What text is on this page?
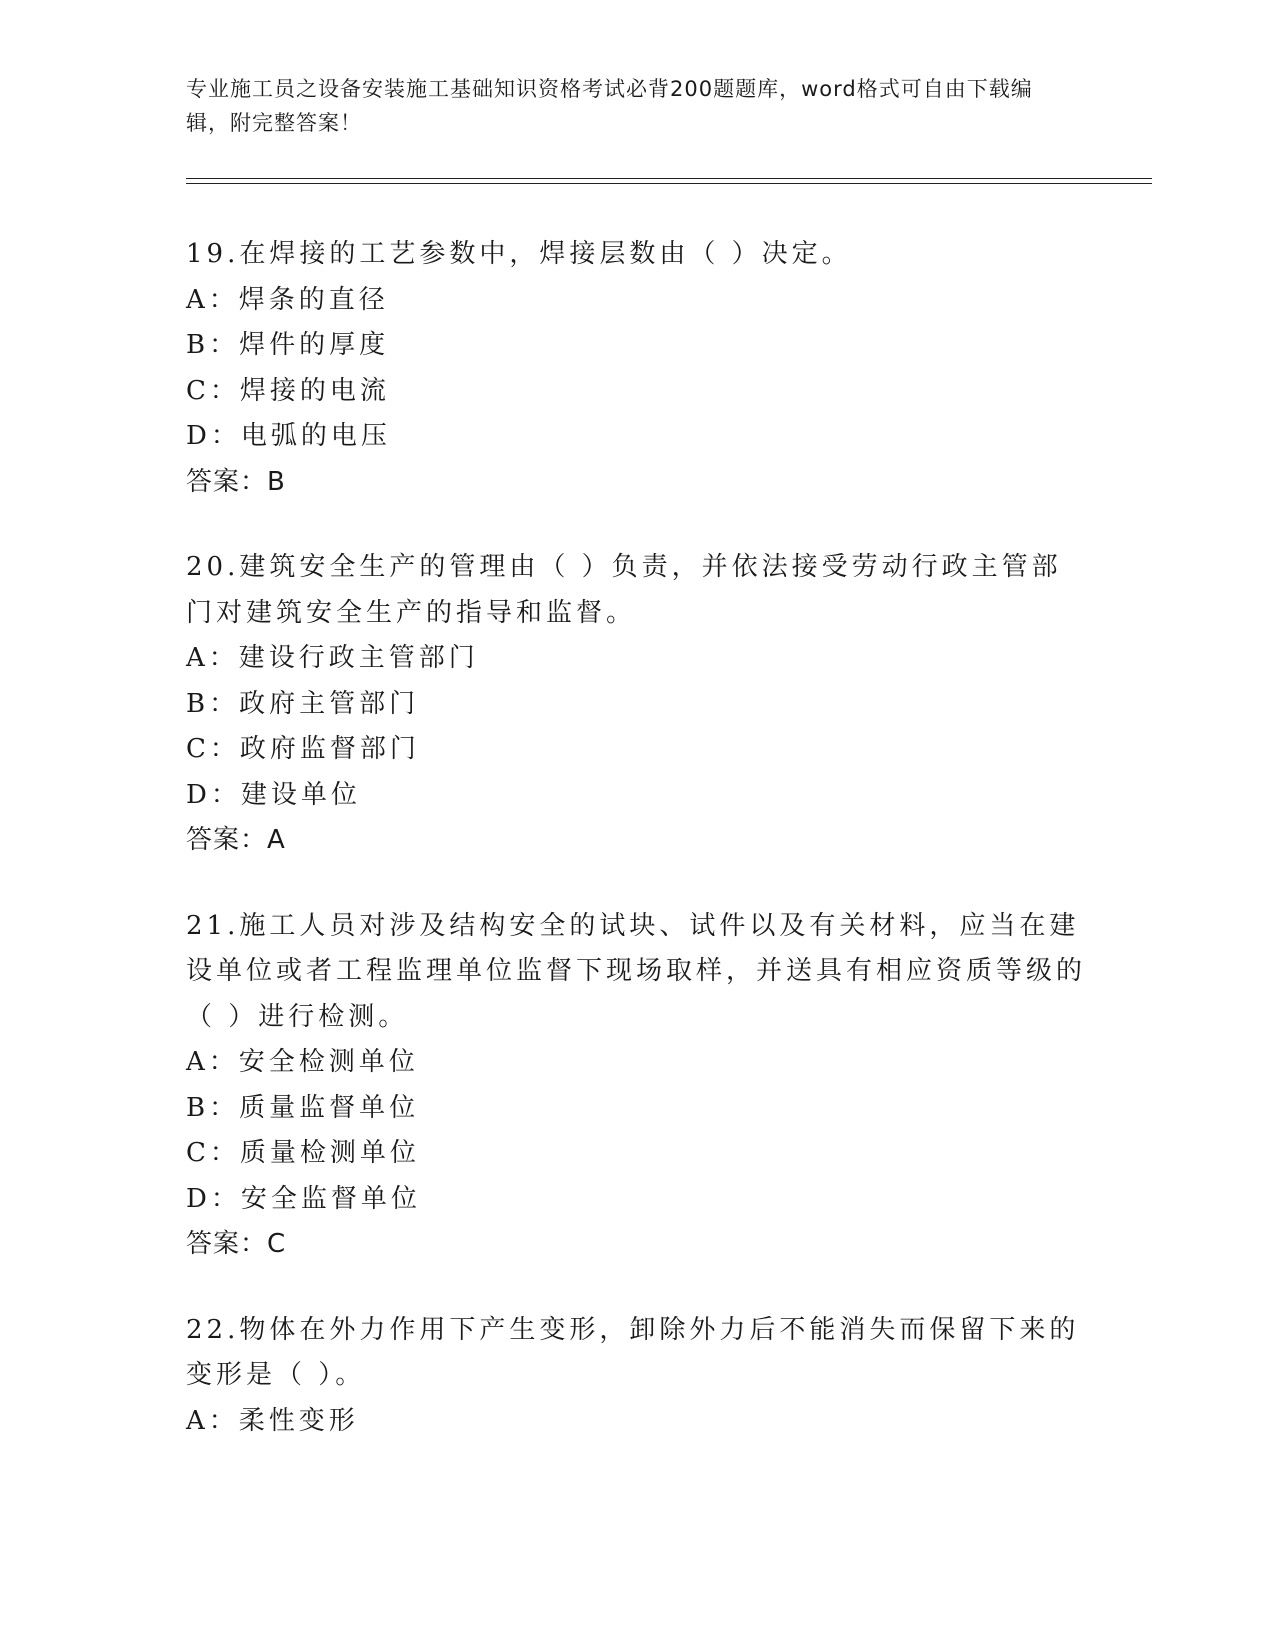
专业施工员之设备安装施工基础知识资格考试必背200题题库，word格式可自由下载编辑，附完整答案！

19.在焊接的工艺参数中，焊接层数由（ ）决定。

A：焊条的直径

B：焊件的厚度

C：焊接的电流

D：电弧的电压

答案：B

20.建筑安全生产的管理由（ ）负责，并依法接受劳动行政主管部门对建筑安全生产的指导和监督。

A：建设行政主管部门

B：政府主管部门

C：政府监督部门

D：建设单位

答案：A

21.施工人员对涉及结构安全的试块、试件以及有关材料，应当在建设单位或者工程监理单位监督下现场取样，并送具有相应资质等级的（ ）进行检测。

A：安全检测单位

B：质量监督单位

C：质量检测单位

D：安全监督单位

答案：C

22.物体在外力作用下产生变形，卸除外力后不能消失而保留下来的变形是（ ）。

A：柔性变形
